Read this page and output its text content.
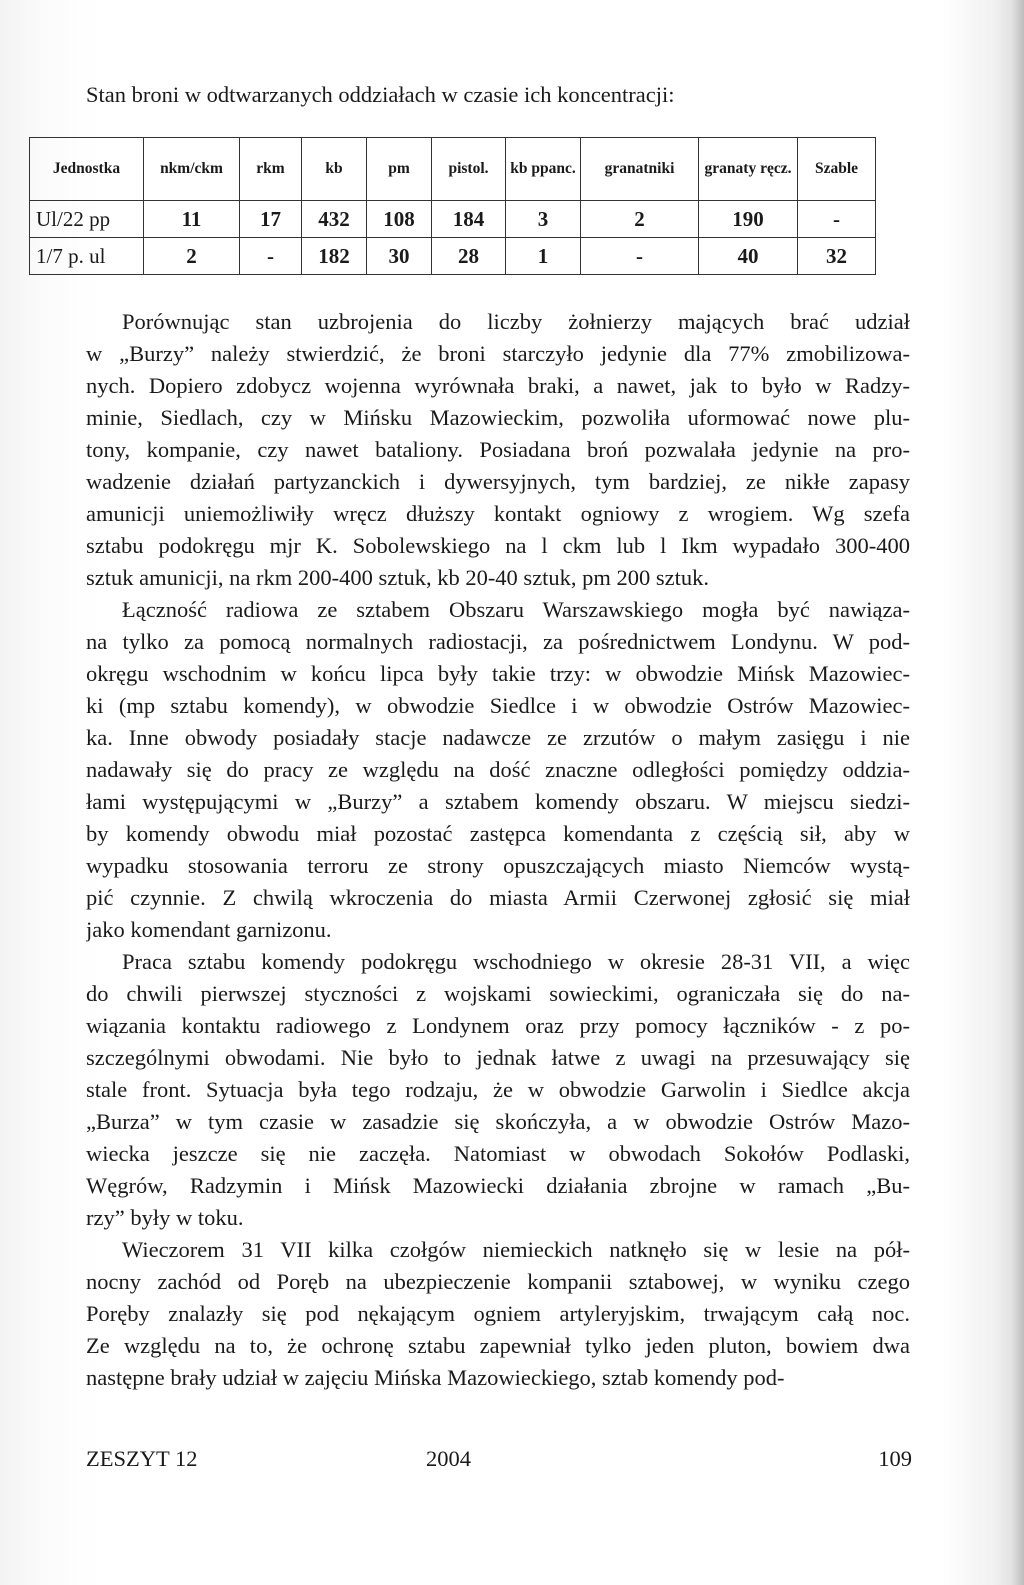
Stan broni w odtwarzanych oddziałach w czasie ich koncentracji:
Jednostka	nkm/ckm	rkm	kb	pm	pistol.	kb ppanc.	granatniki	granaty ręcz.	Szable
Ul/22 pp	11	17	432	108	184	3	2	190	-
1/7 p. ul	2	-	182	30	28	1	-	40	32

Porównując stan uzbrojenia do liczby żołnierzy mających brać udział
w „Burzy” należy stwierdzić, że broni starczyło jedynie dla 77% zmobilizowa-
nych. Dopiero zdobycz wojenna wyrównała braki, a nawet, jak to było w Radzy-
minie, Siedlach, czy w Mińsku Mazowieckim, pozwoliła uformować nowe plu-
tony, kompanie, czy nawet bataliony. Posiadana broń pozwalała jedynie na pro-
wadzenie działań partyzanckich i dywersyjnych, tym bardziej, ze nikłe zapasy
amunicji uniemożliwiły wręcz dłuższy kontakt ogniowy z wrogiem. Wg szefa
sztabu podokręgu mjr K. Sobolewskiego na l ckm lub l Ikm wypadało 300-400
sztuk amunicji, na rkm 200-400 sztuk, kb 20-40 sztuk, pm 200 sztuk.

Łączność radiowa ze sztabem Obszaru Warszawskiego mogła być nawiąza-
na tylko za pomocą normalnych radiostacji, za pośrednictwem Londynu. W pod-
okręgu wschodnim w końcu lipca były takie trzy: w obwodzie Mińsk Mazowiec-
ki (mp sztabu komendy), w obwodzie Siedlce i w obwodzie Ostrów Mazowiec-
ka. Inne obwody posiadały stacje nadawcze ze zrzutów o małym zasięgu i nie
nadawały się do pracy ze względu na dość znaczne odległości pomiędzy oddzia-
łami występującymi w „Burzy” a sztabem komendy obszaru. W miejscu siedzi-
by komendy obwodu miał pozostać zastępca komendanta z częścią sił, aby w
wypadku stosowania terroru ze strony opuszczających miasto Niemców wystą-
pić czynnie. Z chwilą wkroczenia do miasta Armii Czerwonej zgłosić się miał
jako komendant garnizonu.

Praca sztabu komendy podokręgu wschodniego w okresie 28-31 VII, a więc
do chwili pierwszej styczności z wojskami sowieckimi, ograniczała się do na-
wiązania kontaktu radiowego z Londynem oraz przy pomocy łączników - z po-
szczególnymi obwodami. Nie było to jednak łatwe z uwagi na przesuwający się
stale front. Sytuacja była tego rodzaju, że w obwodzie Garwolin i Siedlce akcja
„Burza” w tym czasie w zasadzie się skończyła, a w obwodzie Ostrów Mazo-
wiecka jeszcze się nie zaczęła. Natomiast w obwodach Sokołów Podlaski,
Węgrów, Radzymin i Mińsk Mazowiecki działania zbrojne w ramach „Bu-
rzy” były w toku.

Wieczorem 31 VII kilka czołgów niemieckich natknęło się w lesie na pół-
nocny zachód od Poręb na ubezpieczenie kompanii sztabowej, w wyniku czego
Poręby znalazły się pod nękającym ogniem artyleryjskim, trwającym całą noc.
Ze względu na to, że ochronę sztabu zapewniał tylko jeden pluton, bowiem dwa
następne brały udział w zajęciu Mińska Mazowieckiego, sztab komendy pod-

ZESZYT 12	2004	109
